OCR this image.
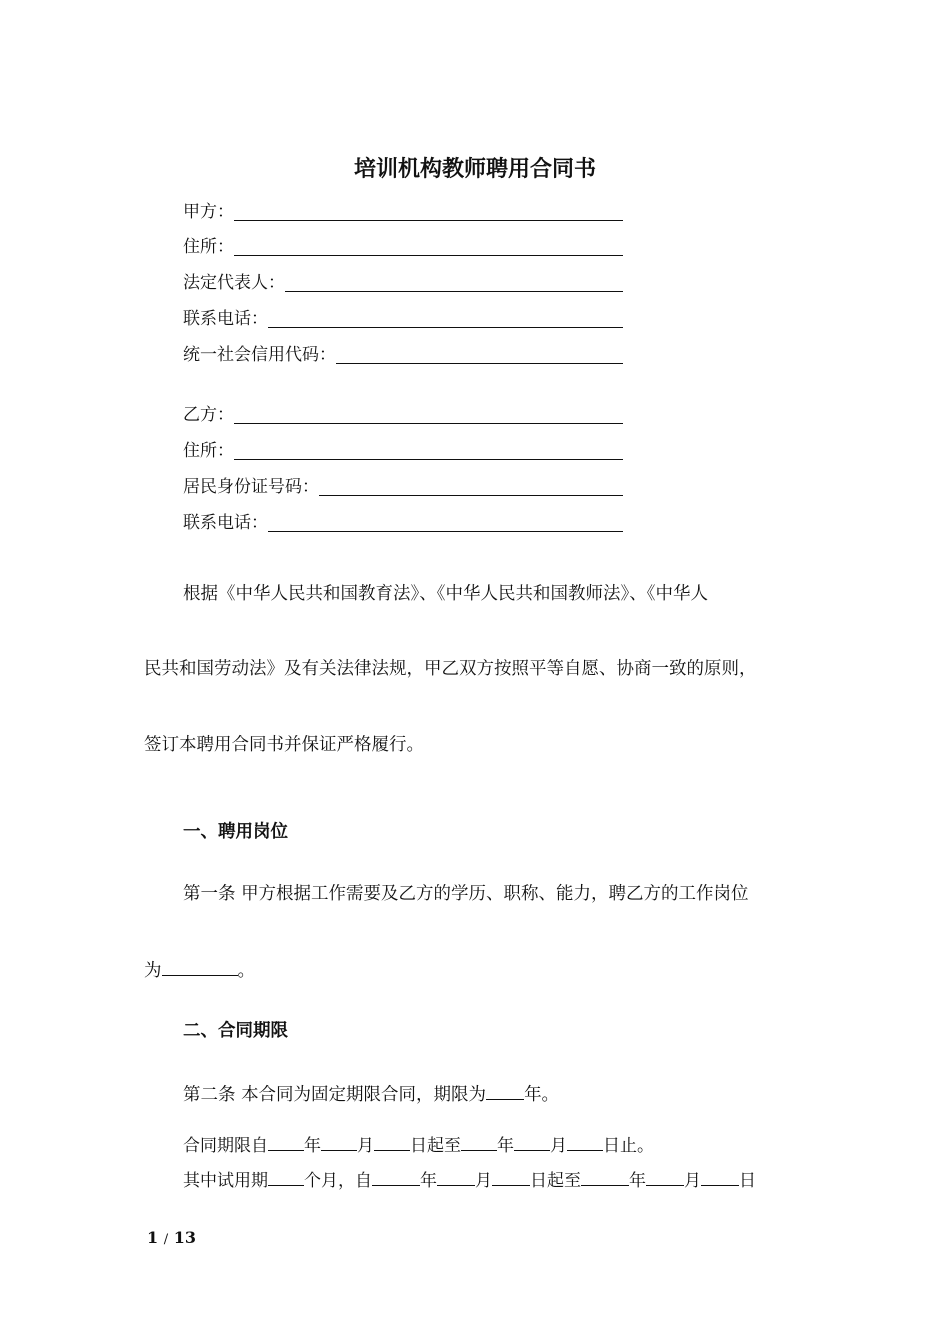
培训机构教师聘用合同书
甲方：
住所：
法定代表人：
联系电话：
统一社会信用代码：
乙方：
住所：
居民身份证号码：
联系电话：
根据《中华人民共和国教育法》、《中华人民共和国教师法》、《中华人
民共和国劳动法》及有关法律法规，甲乙双方按照平等自愿、协商一致的原则，
签订本聘用合同书并保证严格履行。
一、聘用岗位
第一条 甲方根据工作需要及乙方的学历、职称、能力，聘乙方的工作岗位
为	。
二、合同期限
第二条 本合同为固定期限合同，期限为 年。
合同期限自 年 月 日起至 年 月 日止。
其中试用期 个月，自	年 月 日起至	年 月 日
1 / 13
